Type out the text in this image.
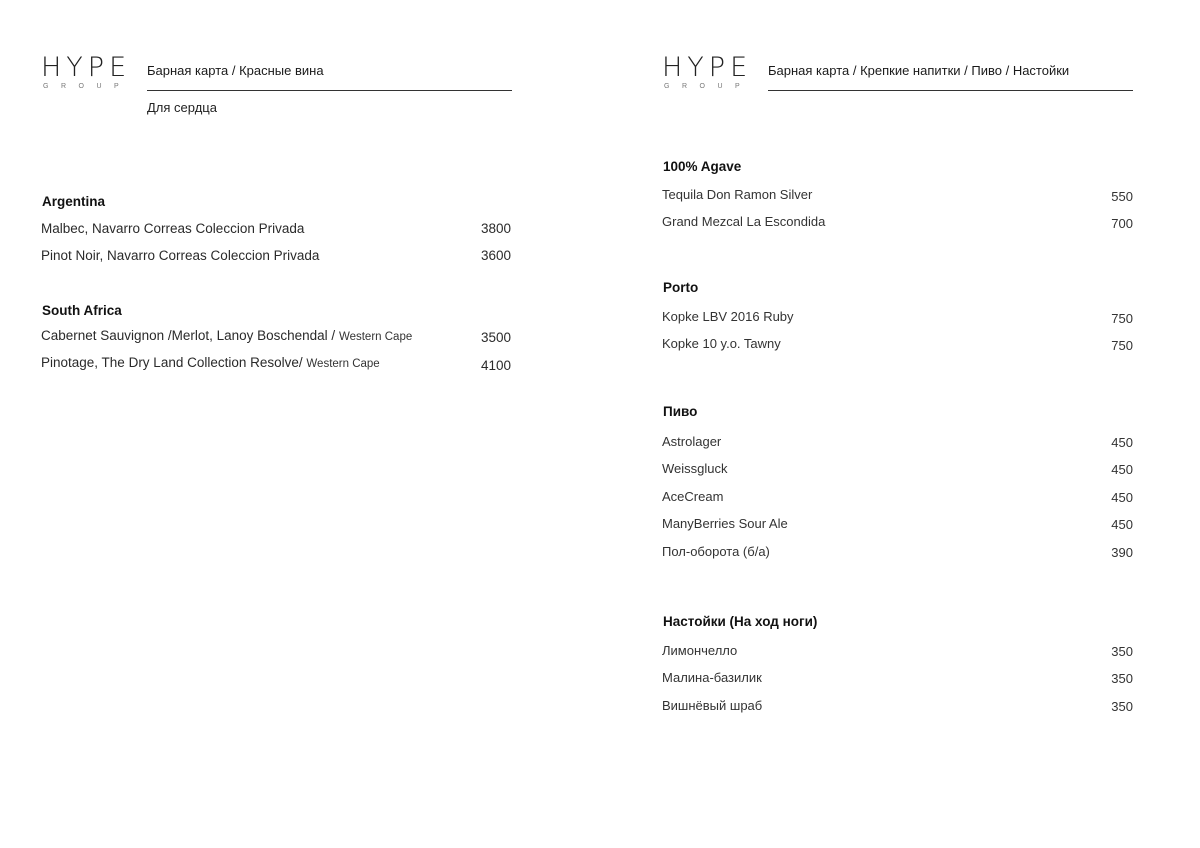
HYPE
GROUP
Барная карта / Красные вина
Для сердца
Argentina
Malbec, Navarro Correas Coleccion Privada	3800
Pinot Noir, Navarro Correas Coleccion Privada	3600
South Africa
Cabernet Sauvignon /Merlot, Lanoy Boschendal / Western Cape	3500
Pinotage, The Dry Land Collection Resolve/ Western Cape	4100
HYPE
GROUP
Барная карта / Крепкие напитки / Пиво / Настойки
100% Agave
Tequila Don Ramon Silver	550
Grand Mezcal La Escondida	700
Porto
Kopke LBV 2016 Ruby	750
Kopke 10 y.o. Tawny	750
Пиво
Astrolager	450
Weissgluck	450
AceCream	450
ManyBerries Sour Ale	450
Пол-оборота (б/а)	390
Настойки (На ход ноги)
Лимончелло	350
Малина-базилик	350
Вишнёвый шраб	350
